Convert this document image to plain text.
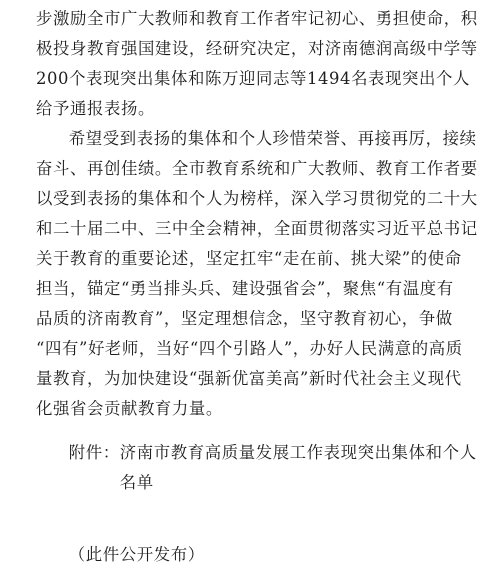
步激励全市广大教师和教育工作者牢记初心、勇担使命，积
极投身教育强国建设，经研究决定，对济南德润高级中学等
200个表现突出集体和陈万迎同志等1494名表现突出个人
给予通报表扬。
希望受到表扬的集体和个人珍惜荣誉、再接再厉，接续
奋斗、再创佳绩。全市教育系统和广大教师、教育工作者要
以受到表扬的集体和个人为榜样，深入学习贯彻党的二十大
和二十届二中、三中全会精神，全面贯彻落实习近平总书记
关于教育的重要论述，坚定扛牢“走在前、挑大梁”的使命
担当，锚定“勇当排头兵、建设强省会”，聚焦“有温度有
品质的济南教育”，坚定理想信念，坚守教育初心，争做
“四有”好老师，当好“四个引路人”，办好人民满意的高质
量教育，为加快建设“强新优富美高”新时代社会主义现代
化强省会贡献教育力量。
附件： 济南市教育高质量发展工作表现突出集体和个人
名单
（此件公开发布）
